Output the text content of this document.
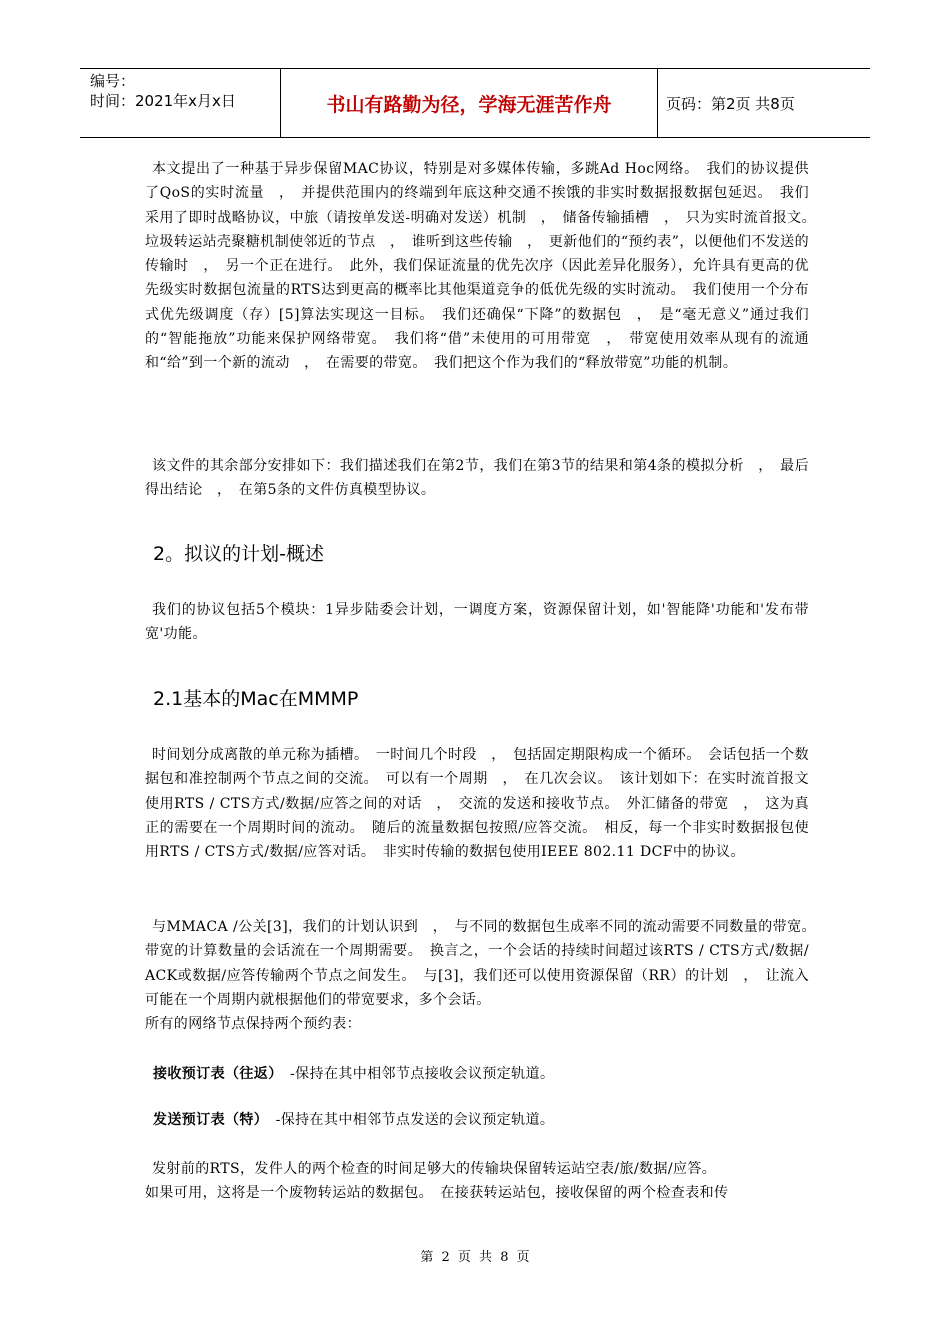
编号：
时间：2021年x月x日	书山有路勤为径，学海无涯苦作舟	页码：第2页 共8页

本文提出了一种基于异步保留MAC协议，特别是对多媒体传输，多跳Ad Hoc网络。　我们的协议提供了QoS的实时流量　，　并提供范围内的终端到年底这种交通不挨饿的非实时数据报数据包延迟。　我们采用了即时战略协议，中旅（请按单发送-明确对发送）机制　，　储备传输插槽　，　只为实时流首报文。　垃圾转运站壳聚糖机制使邻近的节点　，　谁听到这些传输　，　更新他们的“预约表”，以便他们不发送的传输时　，　另一个正在进行。　此外，我们保证流量的优先次序（因此差异化服务），允许具有更高的优先级实时数据包流量的RTS达到更高的概率比其他渠道竞争的低优先级的实时流动。　我们使用一个分布式优先级调度（存）[5]算法实现这一目标。　我们还确保“下降”的数据包　，　是“毫无意义”通过我们的“智能拖放”功能来保护网络带宽。　我们将“借”未使用的可用带宽　，　带宽使用效率从现有的流通和“给”到一个新的流动　，　在需要的带宽。　我们把这个作为我们的“释放带宽”功能的机制。

该文件的其余部分安排如下：我们描述我们在第2节，我们在第3节的结果和第4条的模拟分析　，　最后得出结论　，　在第5条的文件仿真模型协议。

2。拟议的计划-概述

我们的协议包括5个模块：1异步陆委会计划，一调度方案，资源保留计划，如'智能降'功能和'发布带宽'功能。

2.1基本的Mac在MMMP

时间划分成离散的单元称为插槽。　一时间几个时段　，　包括固定期限构成一个循环。　会话包括一个数据包和准控制两个节点之间的交流。　可以有一个周期　，　在几次会议。　该计划如下：在实时流首报文使用RTS / CTS方式/数据/应答之间的对话　，　交流的发送和接收节点。　外汇储备的带宽　，　这为真正的需要在一个周期时间的流动。　随后的流量数据包按照/应答交流。　相反，每一个非实时数据报包使用RTS / CTS方式/数据/应答对话。　非实时传输的数据包使用IEEE 802.11 DCF中的协议。

与MMACA /公关[3]，我们的计划认识到　，　与不同的数据包生成率不同的流动需要不同数量的带宽。　带宽的计算数量的会话流在一个周期需要。　换言之，一个会话的持续时间超过该RTS / CTS方式/数据/ ACK或数据/应答传输两个节点之间发生。　与[3]，我们还可以使用资源保留（RR）的计划　，　让流入可能在一个周期内就根据他们的带宽要求，多个会话。

所有的网络节点保持两个预约表：

接收预订表（往返）　-保持在其中相邻节点接收会议预定轨道。

发送预订表（特）　-保持在其中相邻节点发送的会议预定轨道。

发射前的RTS，发件人的两个检查的时间足够大的传输块保留转运站空表/旅/数据/应答。

如果可用，这将是一个废物转运站的数据包。　在接获转运站包，接收保留的两个检查表和传

第 2 页 共 8 页
